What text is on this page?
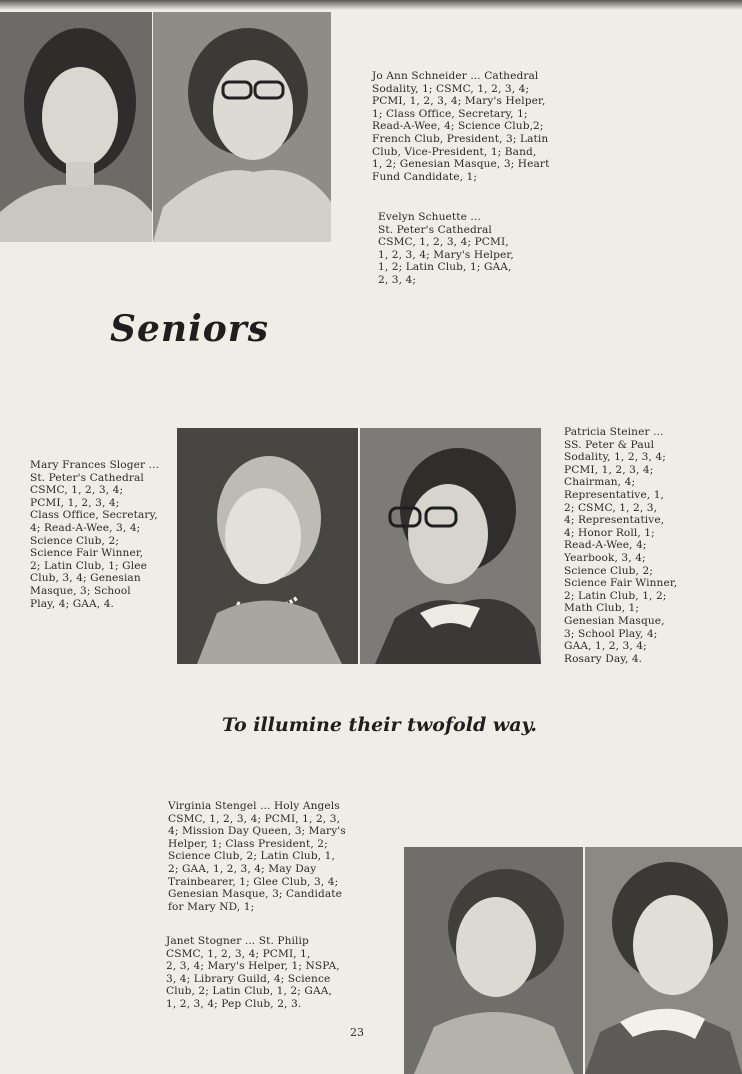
Jo Ann Schneider ... Cathedral
Sodality, 1; CSMC, 1, 2, 3, 4;
PCMI, 1, 2, 3, 4; Mary's Helper,
1; Class Office, Secretary, 1;
Read-A-Wee, 4; Science Club,2;
French Club, President, 3; Latin
Club, Vice-President, 1; Band,
1, 2; Genesian Masque, 3; Heart
Fund Candidate, 1;
Evelyn Schuette ...
St. Peter's Cathedral
CSMC, 1, 2, 3, 4; PCMI,
1, 2, 3, 4; Mary's Helper,
1, 2; Latin Club, 1; GAA,
2, 3, 4;
Seniors
Mary Frances Sloger ...
St. Peter's Cathedral
CSMC, 1, 2, 3, 4;
PCMI, 1, 2, 3, 4;
Class Office, Secretary,
4; Read-A-Wee, 3, 4;
Science Club, 2;
Science Fair Winner,
2; Latin Club, 1; Glee
Club, 3, 4; Genesian
Masque, 3; School
Play, 4; GAA, 4.
Patricia Steiner ...
SS. Peter & Paul
Sodality, 1, 2, 3, 4;
PCMI, 1, 2, 3, 4;
Chairman, 4;
Representative, 1,
2; CSMC, 1, 2, 3,
4; Representative,
4; Honor Roll, 1;
Read-A-Wee, 4;
Yearbook, 3, 4;
Science Club, 2;
Science Fair Winner,
2; Latin Club, 1, 2;
Math Club, 1;
Genesian Masque,
3; School Play, 4;
GAA, 1, 2, 3, 4;
Rosary Day, 4.
To illumine their twofold way.
Virginia Stengel ... Holy Angels
CSMC, 1, 2, 3, 4; PCMI, 1, 2, 3,
4; Mission Day Queen, 3; Mary's
Helper, 1; Class President, 2;
Science Club, 2; Latin Club, 1,
2; GAA, 1, 2, 3, 4; May Day
Trainbearer, 1; Glee Club, 3, 4;
Genesian Masque, 3; Candidate
for Mary ND, 1;
Janet Stogner ... St. Philip
CSMC, 1, 2, 3, 4; PCMI, 1,
2, 3, 4; Mary's Helper, 1; NSPA,
3, 4; Library Guild, 4; Science
Club, 2; Latin Club, 1, 2; GAA,
1, 2, 3, 4; Pep Club, 2, 3.
23
